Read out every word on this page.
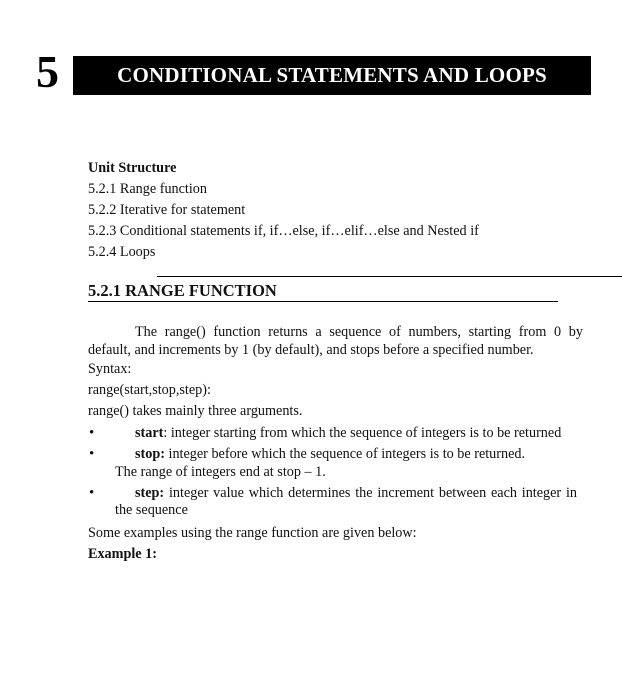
5	CONDITIONAL STATEMENTS AND LOOPS
Unit Structure
5.2.1 Range function
5.2.2 Iterative for statement
5.2.3 Conditional statements if, if…else, if…elif…else and Nested if
5.2.4 Loops
5.2.1 RANGE FUNCTION

The range() function returns a sequence of numbers, starting from 0 by default, and increments by 1 (by default), and stops before a specified number.

Syntax:

range(start,stop,step):

range() takes mainly three arguments.

•	start: integer starting from which the sequence of integers is to be returned
•	stop: integer before which the sequence of integers is to be returned.
The range of integers end at stop – 1.
•	step: integer value which determines the increment between each integer in the sequence

Some examples using the range function are given below:

Example 1:
